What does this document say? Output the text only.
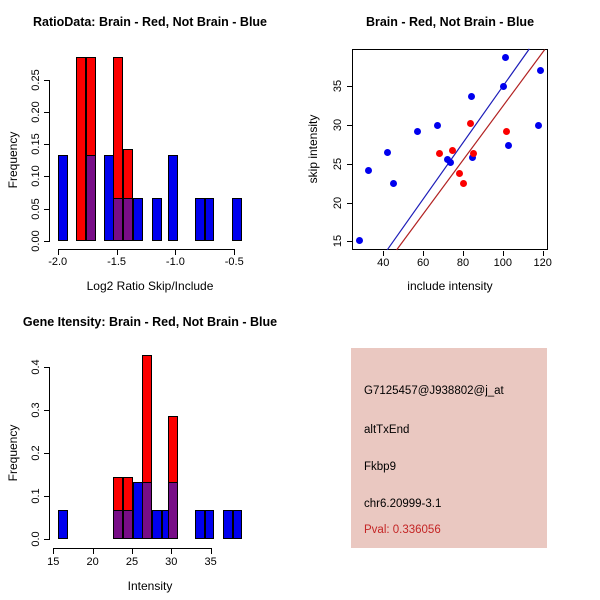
RatioData: Brain - Red, Not Brain - Blue
Frequency
Log2 Ratio Skip/Include
0.00
0.05
0.10
0.15
0.20
0.25
-2.0	-1.5	-1.0	-0.5
Brain - Red, Not Brain - Blue
skip intensity
include intensity
40	60	80 100 120
15
20
25
30
35
Gene Itensity: Brain - Red, Not Brain - Blue
Frequency
Intensity
0.0
0.1
0.2
0.3
0.4
15 20 25 30 35
G7125457@J938802@j_at
altTxEnd
Fkbp9
chr6.20999-3.1
Pval: 0.336056
